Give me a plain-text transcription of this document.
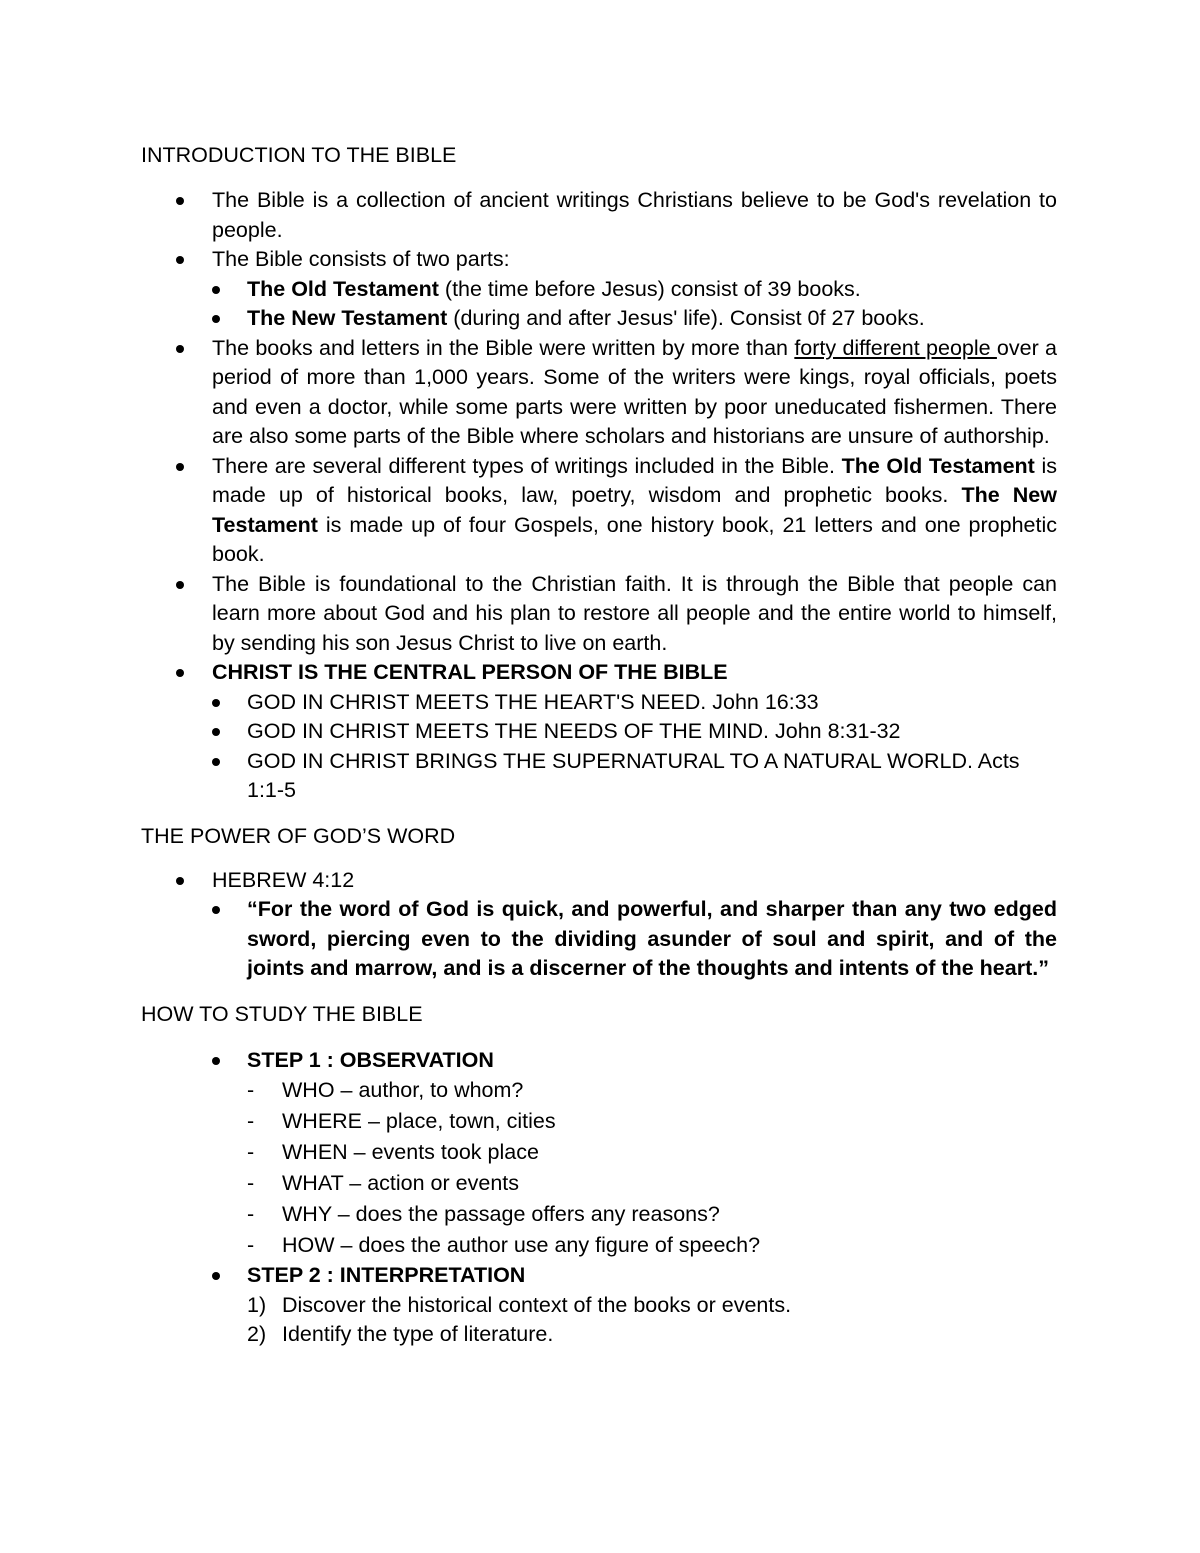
INTRODUCTION TO THE BIBLE
The Bible is a collection of ancient writings Christians believe to be God's revelation to people.
The Bible consists of two parts:
The Old Testament (the time before Jesus) consist of 39 books.
The New Testament (during and after Jesus' life). Consist 0f 27 books.
The books and letters in the Bible were written by more than forty different people over a period of more than 1,000 years. Some of the writers were kings, royal officials, poets and even a doctor, while some parts were written by poor uneducated fishermen. There are also some parts of the Bible where scholars and historians are unsure of authorship.
There are several different types of writings included in the Bible. The Old Testament is made up of historical books, law, poetry, wisdom and prophetic books. The New Testament is made up of four Gospels, one history book, 21 letters and one prophetic book.
The Bible is foundational to the Christian faith. It is through the Bible that people can learn more about God and his plan to restore all people and the entire world to himself, by sending his son Jesus Christ to live on earth.
CHRIST IS THE CENTRAL PERSON OF THE BIBLE
GOD IN CHRIST MEETS THE HEART'S NEED. John 16:33
GOD IN CHRIST MEETS THE NEEDS OF THE MIND. John 8:31-32
GOD IN CHRIST BRINGS THE SUPERNATURAL TO A NATURAL WORLD. Acts 1:1-5
THE POWER OF GOD’S WORD
HEBREW 4:12
“For the word of God is quick, and powerful, and sharper than any two edged sword, piercing even to the dividing asunder of soul and spirit, and of the joints and marrow, and is a discerner of the thoughts and intents of the heart.”
HOW TO STUDY THE BIBLE
STEP 1 : OBSERVATION
- WHO – author, to whom?
- WHERE – place, town, cities
- WHEN – events took place
- WHAT – action or events
- WHY – does the passage offers any reasons?
- HOW – does the author use any figure of speech?
STEP 2 : INTERPRETATION
1) Discover the historical context of the books or events.
2) Identify the type of literature.
